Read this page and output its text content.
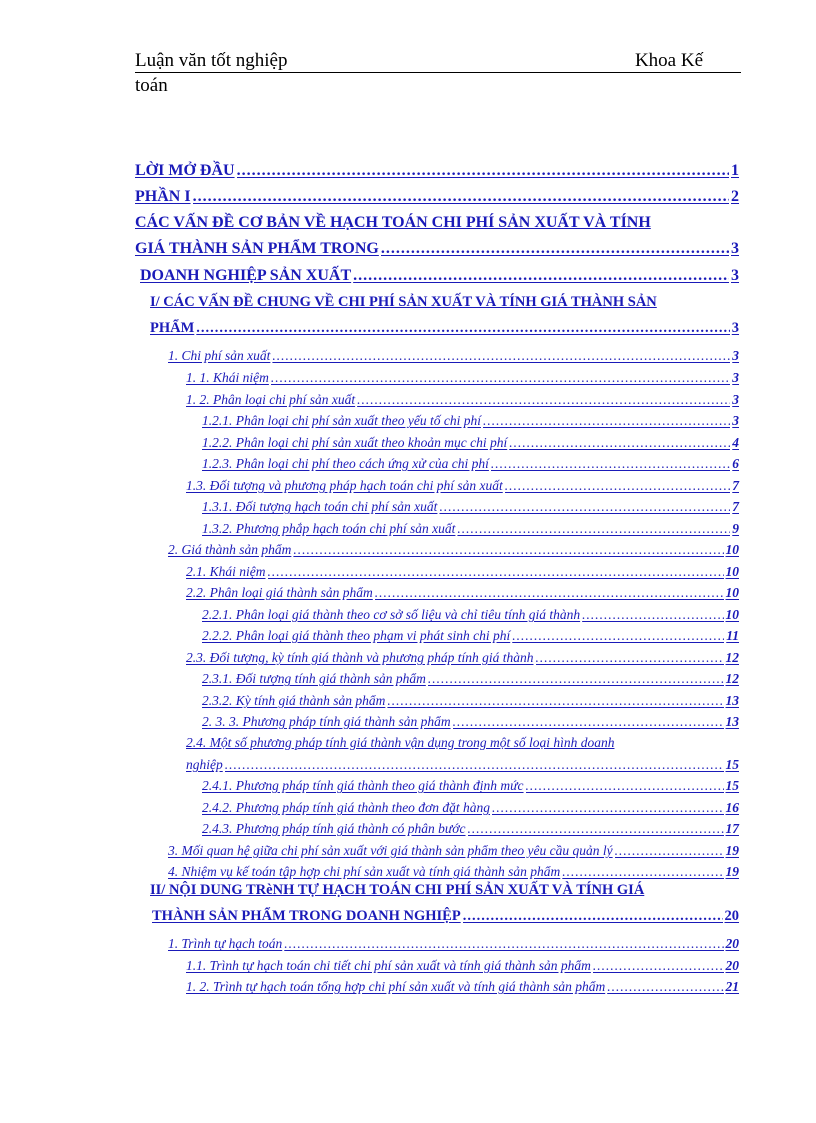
Luận văn tốt nghiệp	Khoa Kế
toán
LỜI MỞ ĐẦU .....	1
PHẦN I .....	2
CÁC VẤN ĐỀ CƠ BẢN VỀ HẠCH TOÁN CHI PHÍ SẢN XUẤT VÀ TÍNH
GIÁ THÀNH SẢN PHẨM TRONG .....	3
DOANH NGHIỆP SẢN XUẤT .....	3
I/ CÁC VẤN ĐỀ CHUNG VỀ CHI PHÍ SẢN XUẤT VÀ TÍNH GIÁ THÀNH SẢN
PHẨM .....	3
1. Chi phí sản xuất .....	3
1. 1. Khái niệm .....	3
1. 2. Phân loại chi phí sản xuất .....	3
1.2.1. Phân loại chi phí sản xuất theo yếu tố chi phí .....	3
1.2.2. Phân loại chi phí sản xuất theo khoản mục chi phí .....	4
1.2.3. Phân loại chi phí theo cách ứng xử của chi phí .....	6
1.3. Đối tượng và phương pháp hạch toán chi phí sản xuất .....	7
1.3.1. Đối tượng hạch toán chi phí sản xuất .....	7
1.3.2. Phương phắp hạch toán chi phí sản xuất .....	9
2. Giá thành sản phẩm .....	10
2.1. Khái niệm .....	10
2.2. Phân loại giá thành sản phẩm .....	10
2.2.1. Phân loại giá thành theo cơ sở số liệu và chỉ tiêu tính giá thành .....	10
2.2.2. Phân loại giá thành theo phạm vi phát sinh chi phí .....	11
2.3. Đối tượng, kỳ tính giá thành và phương pháp tính giá thành .....	12
2.3.1. Đối tượng tính giá thành sản phẩm .....	12
2.3.2. Kỳ tính giá thành sản phẩm .....	13
2. 3. 3. Phương pháp tính giá thành sản phẩm .....	13
2.4. Một số phương pháp tính giá thành vận dụng trong một số loại hình doanh
nghiệp .....	15
2.4.1. Phương pháp tính giá thành theo giá thành định mức .....	15
2.4.2. Phương pháp tính giá thành theo đơn đặt hàng .....	16
2.4.3. Phương pháp tính giá thành có phân bước .....	17
3. Mối quan hệ giữa chi phí sản xuất với giá thành sản phẩm theo yêu cầu quản lý .....	19
4. Nhiệm vụ kế toán tập hợp chi phí sản xuất và tính giá thành sản phẩm .....	19
II/ NỘI DUNG TRèNH TỰ HẠCH TOÁN CHI PHÍ SẢN XUẤT VÀ TÍNH GIÁ
THÀNH SẢN PHẨM TRONG DOANH NGHIỆP .....	20
1. Trình tự hạch toán .....	20
1.1. Trình tự hạch toán chi tiết chi phí sản xuất và tính giá thành sản phẩm .....	20
1. 2. Trình tự hạch toán tổng hợp chi phí sản xuất và tính giá thành sản phẩm .....	21
